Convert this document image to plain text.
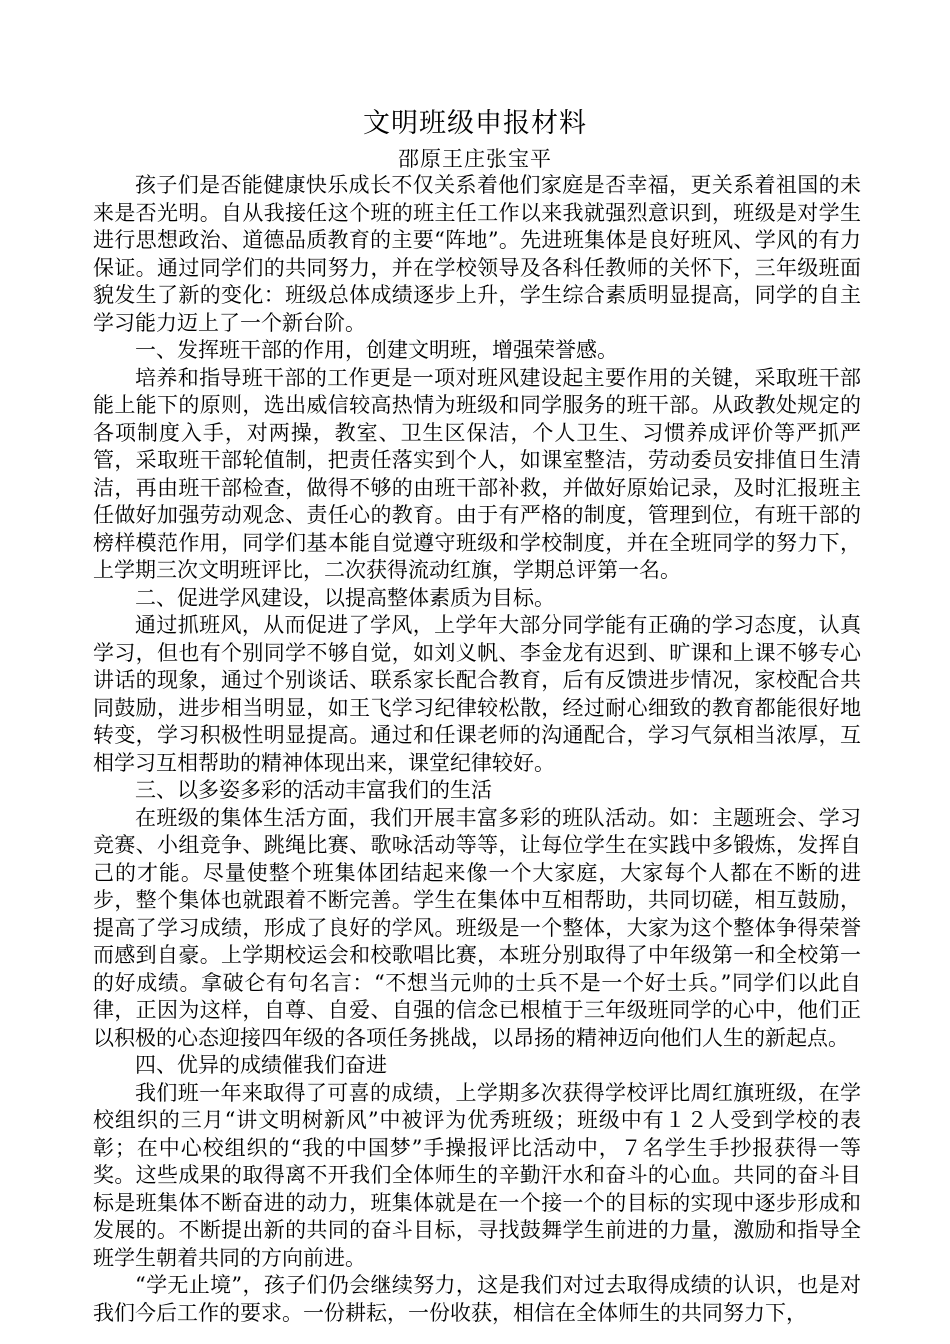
文明班级申报材料
邵原王庄张宝平

孩子们是否能健康快乐成长不仅关系着他们家庭是否幸福，更关系着祖国的未来是否光明。自从我接任这个班的班主任工作以来我就强烈意识到，班级是对学生进行思想政治、道德品质教育的主要“阵地”。先进班集体是良好班风、学风的有力保证。通过同学们的共同努力，并在学校领导及各科任教师的关怀下，三年级班面貌发生了新的变化：班级总体成绩逐步上升，学生综合素质明显提高，同学的自主学习能力迈上了一个新台阶。

一、发挥班干部的作用，创建文明班，增强荣誉感。

培养和指导班干部的工作更是一项对班风建设起主要作用的关键，采取班干部能上能下的原则，选出威信较高热情为班级和同学服务的班干部。从政教处规定的各项制度入手，对两操，教室、卫生区保洁，个人卫生、习惯养成评价等严抓严管，采取班干部轮值制，把责任落实到个人，如课室整洁，劳动委员安排值日生清洁，再由班干部检查，做得不够的由班干部补救，并做好原始记录，及时汇报班主任做好加强劳动观念、责任心的教育。由于有严格的制度，管理到位，有班干部的榜样模范作用，同学们基本能自觉遵守班级和学校制度，并在全班同学的努力下，上学期三次文明班评比，二次获得流动红旗，学期总评第一名。

二、促进学风建设，以提高整体素质为目标。

通过抓班风，从而促进了学风，上学年大部分同学能有正确的学习态度，认真学习，但也有个别同学不够自觉，如刘义帆、李金龙有迟到、旷课和上课不够专心讲话的现象，通过个别谈话、联系家长配合教育，后有反馈进步情况，家校配合共同鼓励，进步相当明显，如王飞学习纪律较松散，经过耐心细致的教育都能很好地转变，学习积极性明显提高。通过和任课老师的沟通配合，学习气氛相当浓厚，互相学习互相帮助的精神体现出来，课堂纪律较好。

三、以多姿多彩的活动丰富我们的生活

在班级的集体生活方面，我们开展丰富多彩的班队活动。如：主题班会、学习竞赛、小组竞争、跳绳比赛、歌咏活动等等，让每位学生在实践中多锻炼，发挥自己的才能。尽量使整个班集体团结起来像一个大家庭，大家每个人都在不断的进步，整个集体也就跟着不断完善。学生在集体中互相帮助，共同切磋，相互鼓励，提高了学习成绩，形成了良好的学风。班级是一个整体，大家为这个整体争得荣誉而感到自豪。上学期校运会和校歌唱比赛，本班分别取得了中年级第一和全校第一的好成绩。拿破仑有句名言：“不想当元帅的士兵不是一个好士兵。”同学们以此自律，正因为这样，自尊、自爱、自强的信念已根植于三年级班同学的心中，他们正以积极的心态迎接四年级的各项任务挑战，以昂扬的精神迈向他们人生的新起点。

四、优异的成绩催我们奋进

我们班一年来取得了可喜的成绩，上学期多次获得学校评比周红旗班级，在学校组织的三月“讲文明树新风”中被评为优秀班级；班级中有１２人受到学校的表彰；在中心校组织的“我的中国梦”手操报评比活动中，７名学生手抄报获得一等奖。这些成果的取得离不开我们全体师生的辛勤汗水和奋斗的心血。共同的奋斗目标是班集体不断奋进的动力，班集体就是在一个接一个的目标的实现中逐步形成和发展的。不断提出新的共同的奋斗目标，寻找鼓舞学生前进的力量，激励和指导全班学生朝着共同的方向前进。

“学无止境”，孩子们仍会继续努力，这是我们对过去取得成绩的认识，也是对我们今后工作的要求。一份耕耘，一份收获，相信在全体师生的共同努力下，
